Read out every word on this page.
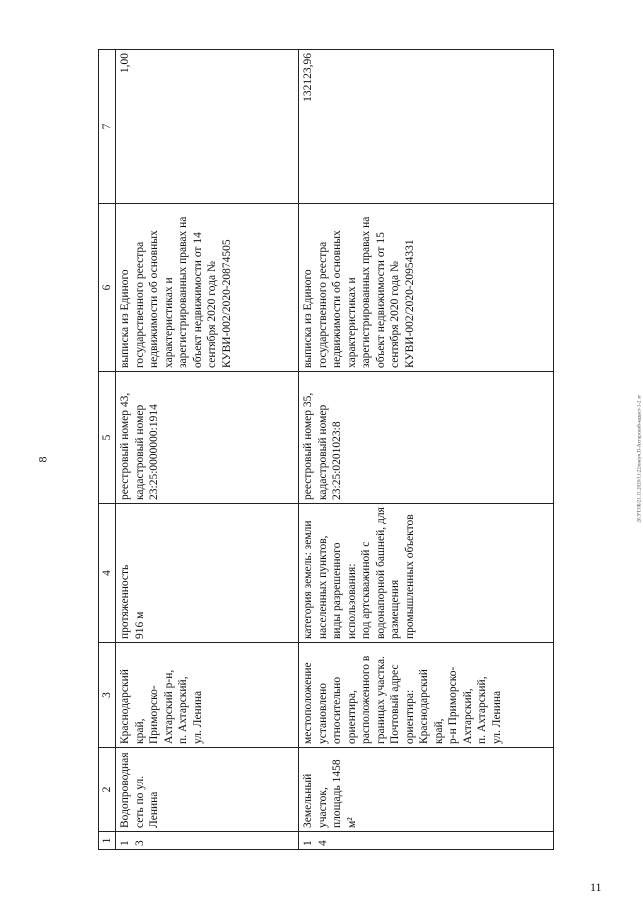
8	20.УТ.0Б/21.11.2020/11:22/внеуч.П-Ахтарский-кадаст-1-2 эт
11
1	2	3	4	5	6	7
13	Водопроводная сеть по ул. Ленина	Краснодарский край,
Приморско-Ахтарский р-н,
п. Ахтарский,
ул. Ленина	протяженность
916 м	реестровый номер 43,
кадастровый номер 23:25:0000000:1914	выписка из Единого государственного реестра недвижимости об основных характеристиках и зарегистрированных правах на объект недвижимости от 14 сентября 2020 года № КУВИ-002/2020-20874505	1,00
14	Земельный участок, площадь 1458 м²	местоположение установлено относительно ориентира, расположенного в границах участка. Почтовый адрес ориентира: Краснодарский край,
р-н Приморско-Ахтарский,
п. Ахтарский,
ул. Ленина	категория земель: земли населенных пунктов,
виды разрешенного использования:
под артскважиной с водонапорной башней, для размещения промышленных объектов	реестровый номер 35,
кадастровый номер 23:25:0201023:8	выписка из Единого государственного реестра недвижимости об основных характеристиках и зарегистрированных правах на объект недвижимости от 15 сентября 2020 года № КУВИ-002/2020-20954331	132123,96
